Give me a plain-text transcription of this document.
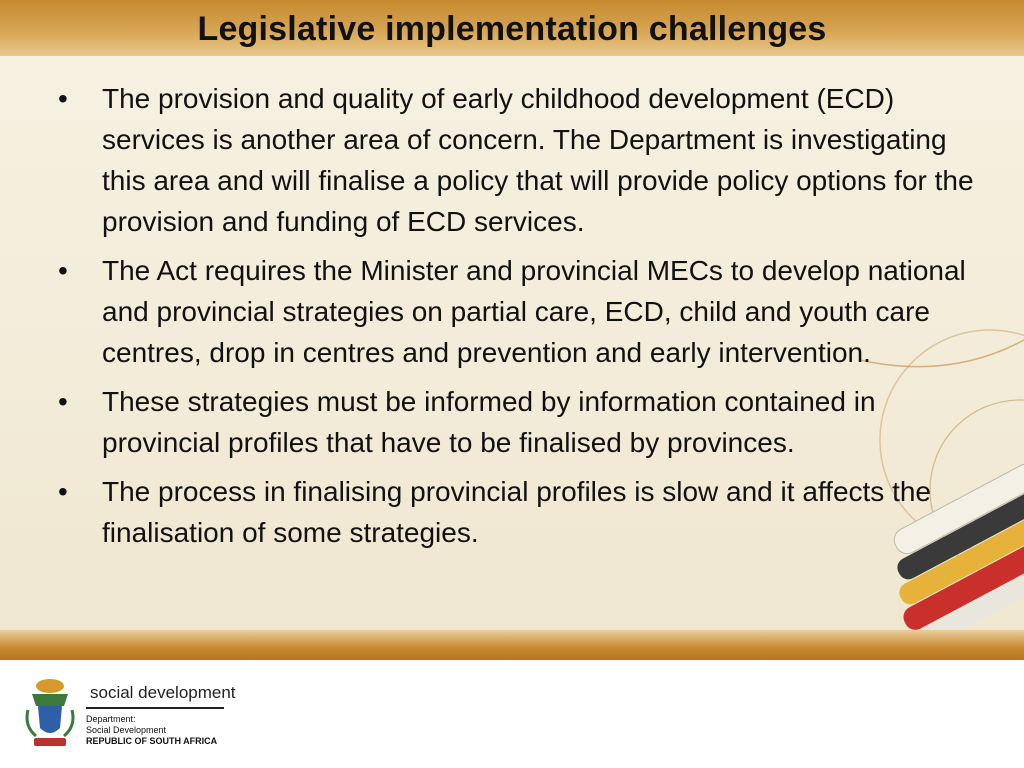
Legislative implementation challenges
• The provision and quality of early childhood development (ECD) services is another area of concern. The Department is investigating this area and will finalise a policy that will provide policy options for the provision and funding of ECD services.
• The Act requires the Minister and provincial MECs to develop national and provincial strategies on partial care, ECD, child and youth care centres, drop in centres and prevention and early intervention.
• These strategies must be informed by information contained in provincial profiles that have to be finalised by provinces.
• The process in finalising provincial profiles is slow and it affects the finalisation of some strategies.
social development
Department:
Social Development
REPUBLIC OF SOUTH AFRICA
